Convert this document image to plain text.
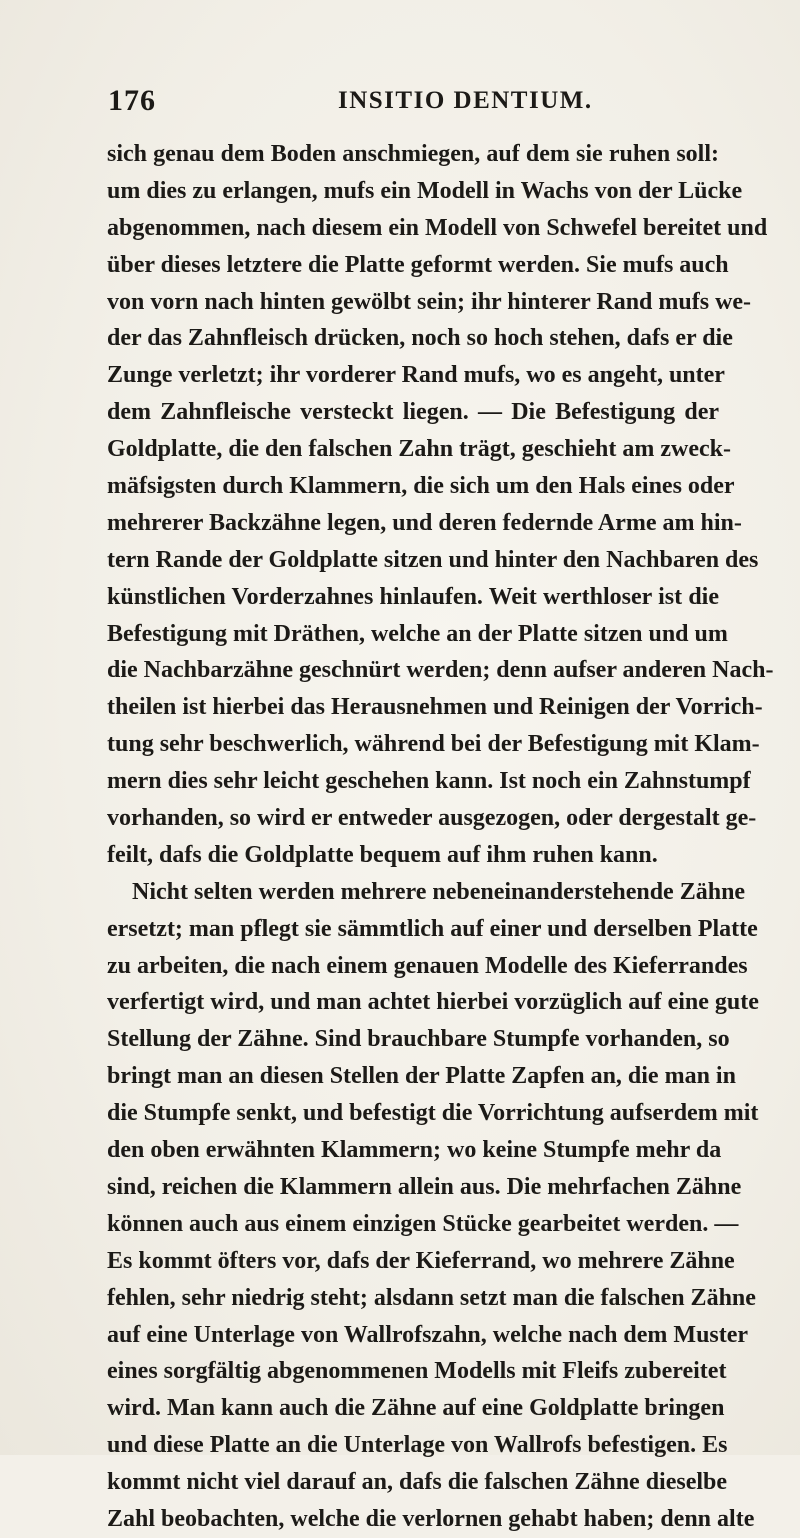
176	INSITIO DENTIUM.
sich genau dem Boden anschmiegen, auf dem sie ruhen soll:
um dies zu erlangen, mufs ein Modell in Wachs von der Lücke
abgenommen, nach diesem ein Modell von Schwefel bereitet und
über dieses letztere die Platte geformt werden. Sie mufs auch
von vorn nach hinten gewölbt sein; ihr hinterer Rand mufs we-
der das Zahnfleisch drücken, noch so hoch stehen, dafs er die
Zunge verletzt; ihr vorderer Rand mufs, wo es angeht, unter
dem Zahnfleische versteckt liegen. — Die Befestigung der
Goldplatte, die den falschen Zahn trägt, geschieht am zweck-
mäfsigsten durch Klammern, die sich um den Hals eines oder
mehrerer Backzähne legen, und deren federnde Arme am hin-
tern Rande der Goldplatte sitzen und hinter den Nachbaren des
künstlichen Vorderzahnes hinlaufen. Weit werthloser ist die
Befestigung mit Dräthen, welche an der Platte sitzen und um
die Nachbarzähne geschnürt werden; denn aufser anderen Nach-
theilen ist hierbei das Herausnehmen und Reinigen der Vorrich-
tung sehr beschwerlich, während bei der Befestigung mit Klam-
mern dies sehr leicht geschehen kann. Ist noch ein Zahnstumpf
vorhanden, so wird er entweder ausgezogen, oder dergestalt ge-
feilt, dafs die Goldplatte bequem auf ihm ruhen kann.
Nicht selten werden mehrere nebeneinanderstehende Zähne
ersetzt; man pflegt sie sämmtlich auf einer und derselben Platte
zu arbeiten, die nach einem genauen Modelle des Kieferrandes
verfertigt wird, und man achtet hierbei vorzüglich auf eine gute
Stellung der Zähne. Sind brauchbare Stumpfe vorhanden, so
bringt man an diesen Stellen der Platte Zapfen an, die man in
die Stumpfe senkt, und befestigt die Vorrichtung aufserdem mit
den oben erwähnten Klammern; wo keine Stumpfe mehr da
sind, reichen die Klammern allein aus. Die mehrfachen Zähne
können auch aus einem einzigen Stücke gearbeitet werden. —
Es kommt öfters vor, dafs der Kieferrand, wo mehrere Zähne
fehlen, sehr niedrig steht; alsdann setzt man die falschen Zähne
auf eine Unterlage von Wallrofszahn, welche nach dem Muster
eines sorgfältig abgenommenen Modells mit Fleifs zubereitet
wird. Man kann auch die Zähne auf eine Goldplatte bringen
und diese Platte an die Unterlage von Wallrofs befestigen. Es
kommt nicht viel darauf an, dafs die falschen Zähne dieselbe
Zahl beobachten, welche die verlornen gehabt haben; denn alte
